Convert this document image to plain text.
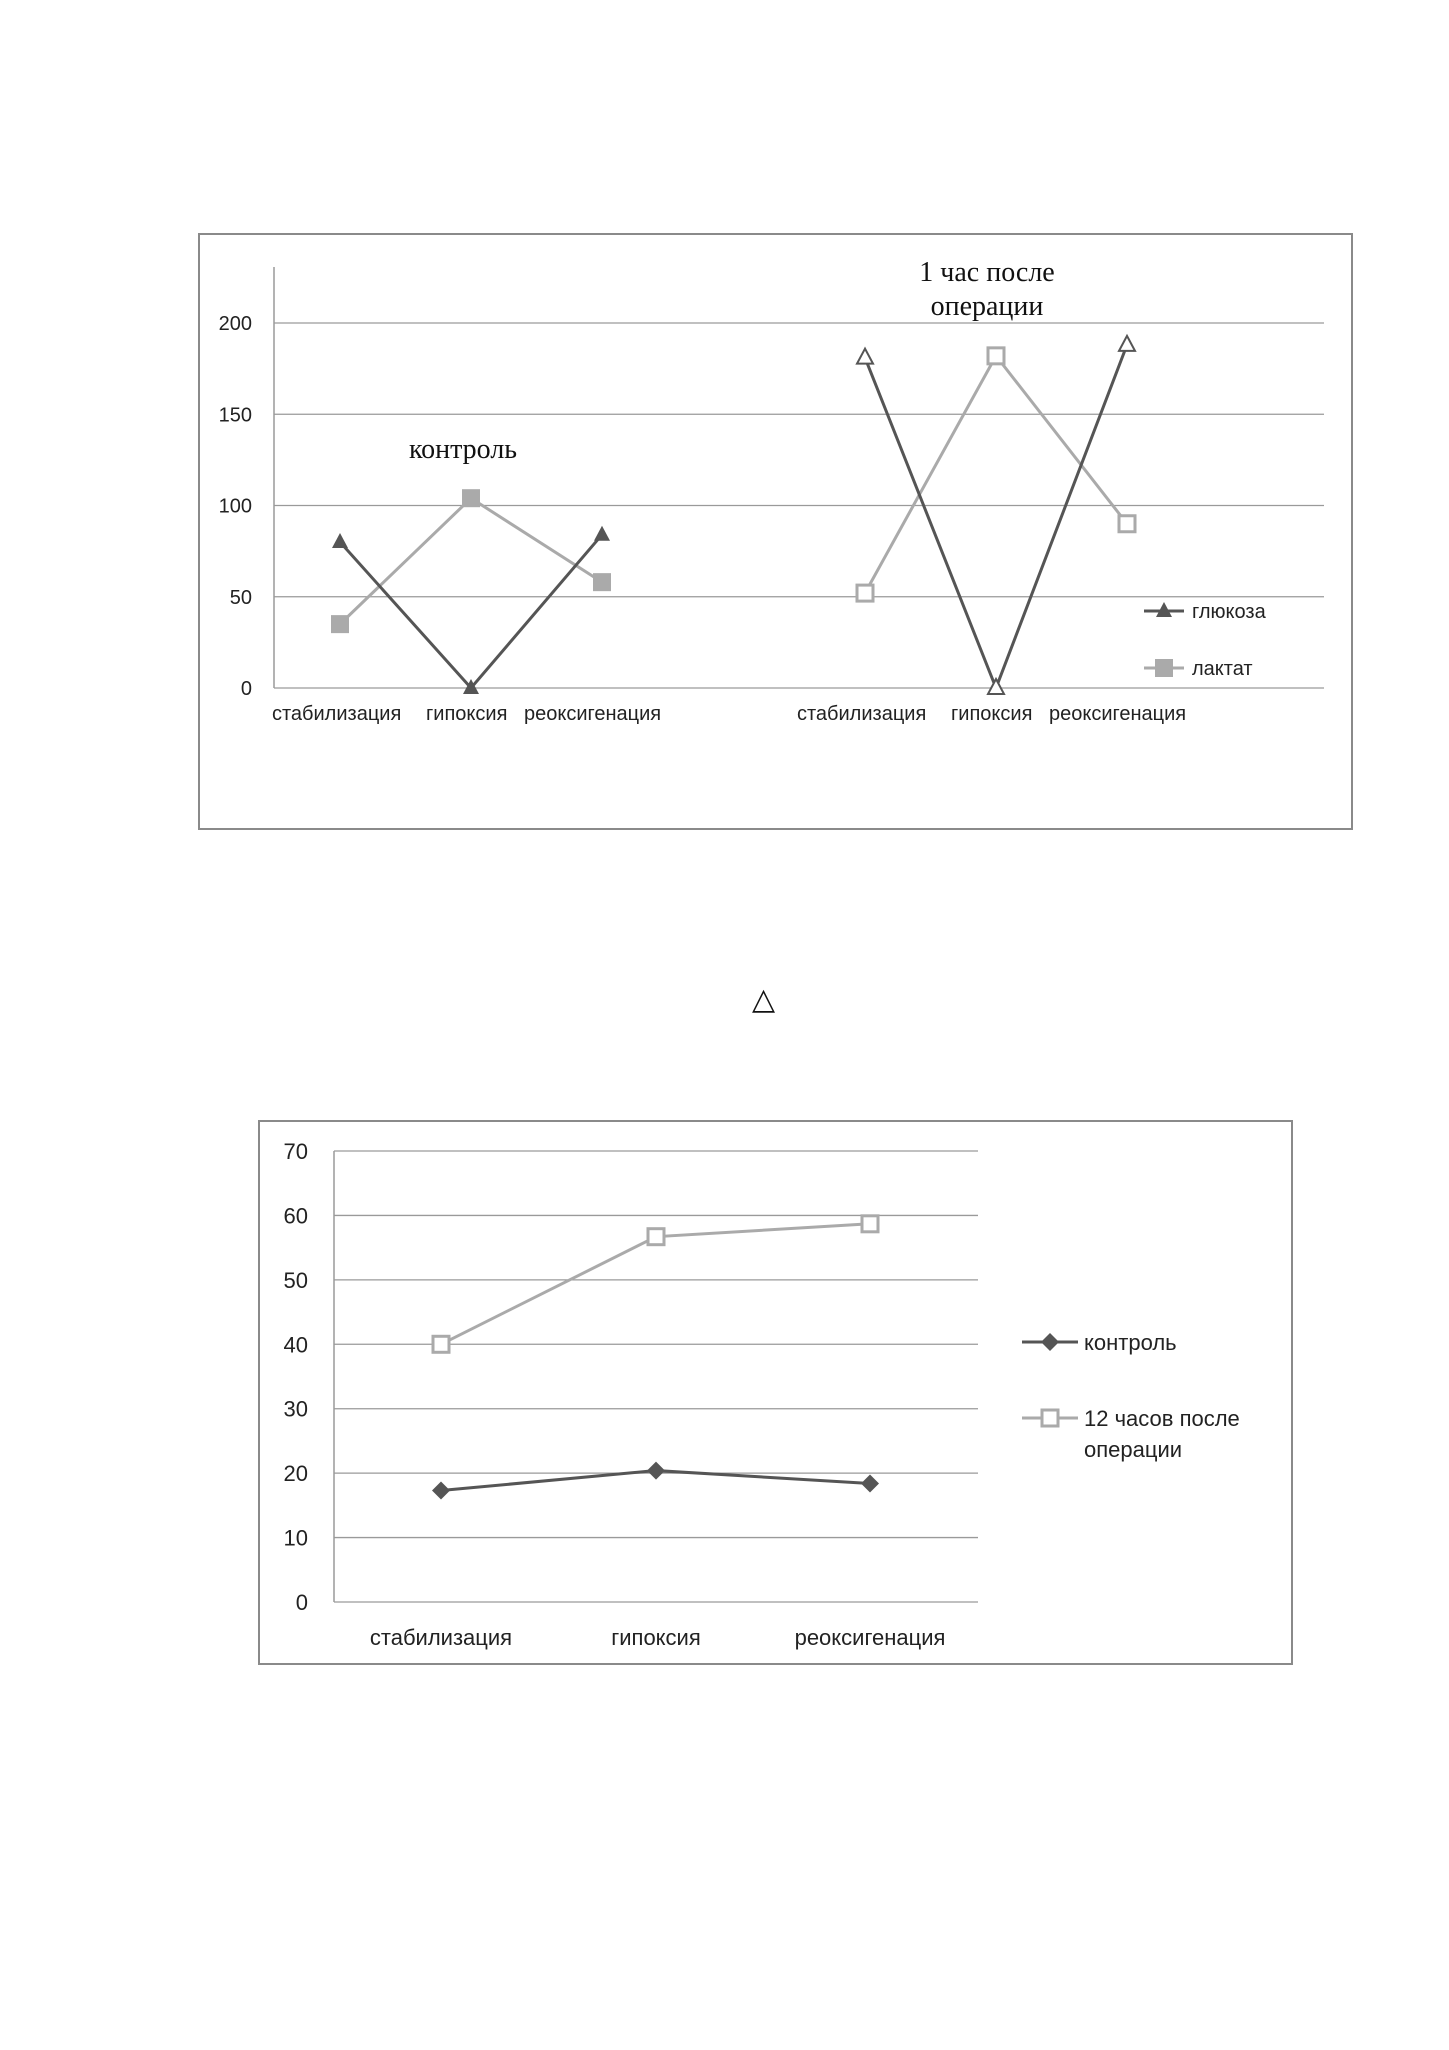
0
50
100
150
200
стабилизация гипоксия реоксигенация	стабилизация гипоксия реоксигенация
контроль
1 час после
операции
глюкоза
лактат
△
0
10
20
30
40
50
60
70
стабилизация	гипоксия	реоксигенация
контроль
12 часов после
операции
